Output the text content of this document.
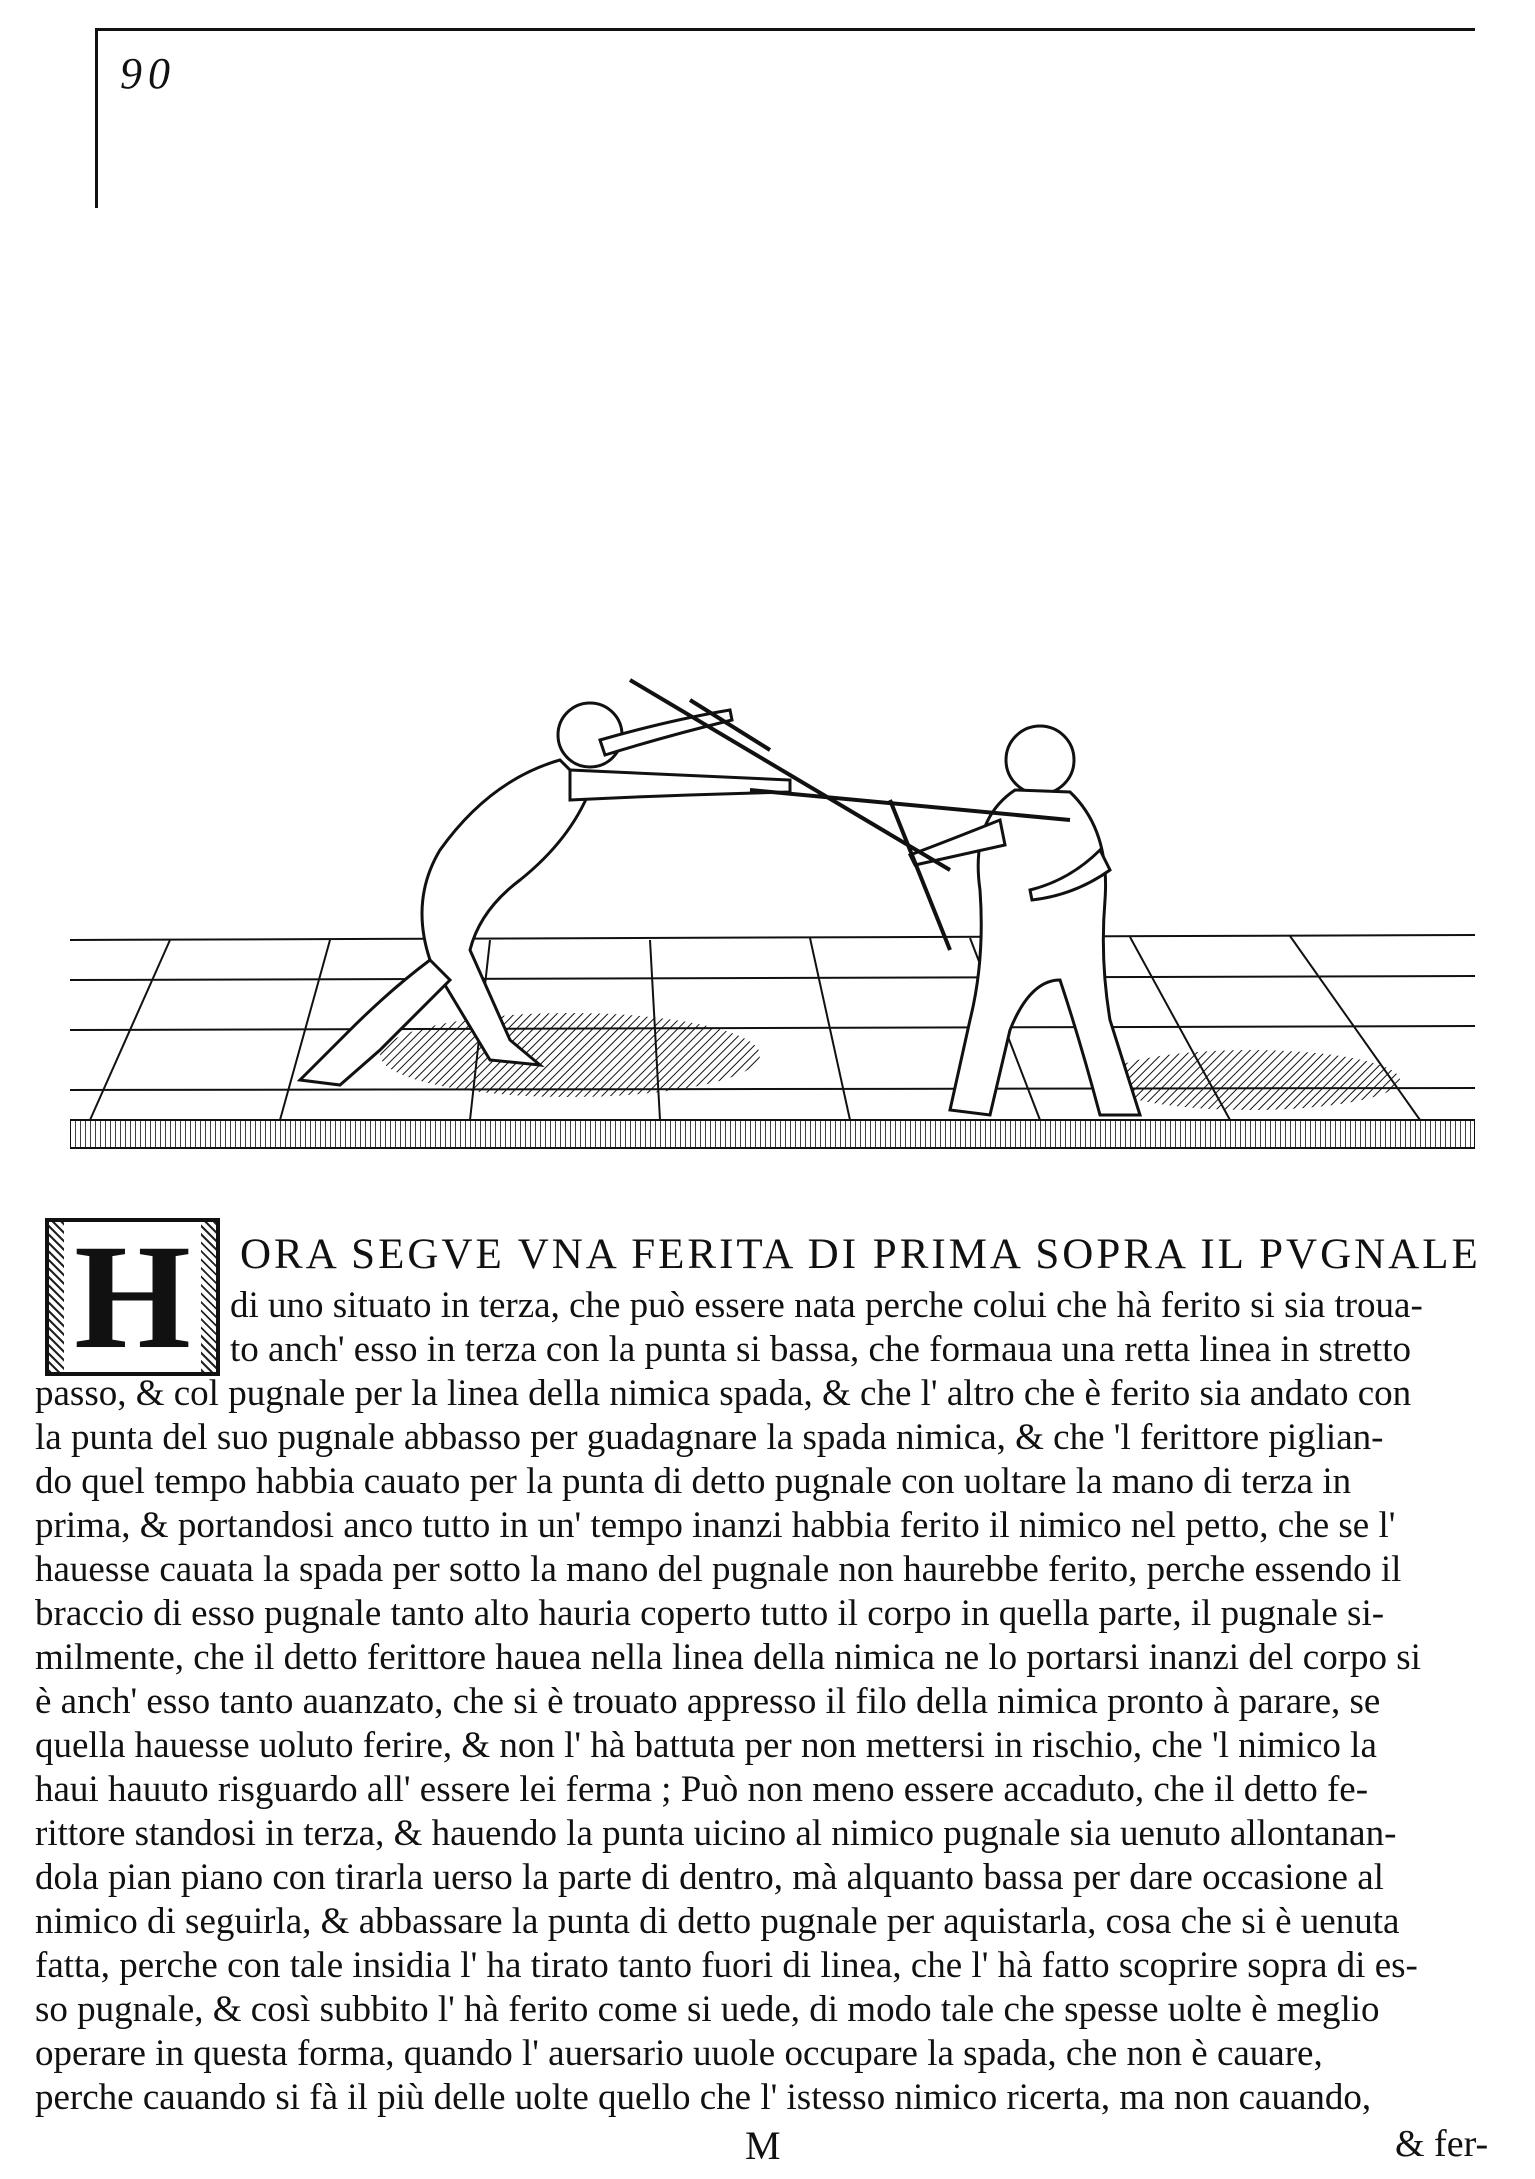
90
H ORA SEGVE VNA FERITA DI PRIMA SOPRA IL PVGNALE
di uno situato in terza, che può essere nata perche colui che hà ferito si sia troua-
to anch' esso in terza con la punta si bassa, che formaua una retta linea in stretto
passo, & col pugnale per la linea della nimica spada, & che l' altro che è ferito sia andato con
la punta del suo pugnale abbasso per guadagnare la spada nimica, & che 'l ferittore piglian-
do quel tempo habbia cauato per la punta di detto pugnale con uoltare la mano di terza in
prima, & portandosi anco tutto in un' tempo inanzi habbia ferito il nimico nel petto, che se l'
hauesse cauata la spada per sotto la mano del pugnale non haurebbe ferito, perche essendo il
braccio di esso pugnale tanto alto hauria coperto tutto il corpo in quella parte, il pugnale si-
milmente, che il detto ferittore hauea nella linea della nimica ne lo portarsi inanzi del corpo si
è anch' esso tanto auanzato, che si è trouato appresso il filo della nimica pronto à parare, se
quella hauesse uoluto ferire, & non l' hà battuta per non mettersi in rischio, che 'l nimico la
haui hauuto risguardo all' essere lei ferma ; Può non meno essere accaduto, che il detto fe-
rittore standosi in terza, & hauendo la punta uicino al nimico pugnale sia uenuto allontanan-
dola pian piano con tirarla uerso la parte di dentro, mà alquanto bassa per dare occasione al
nimico di seguirla, & abbassare la punta di detto pugnale per aquistarla, cosa che si è uenuta
fatta, perche con tale insidia l' ha tirato tanto fuori di linea, che l' hà fatto scoprire sopra di es-
so pugnale, & così subbito l' hà ferito come si uede, di modo tale che spesse uolte è meglio
operare in questa forma, quando l' auersario uuole occupare la spada, che non è cauare,
perche cauando si fà il più delle uolte quello che l' istesso nimico ricerta, ma non cauando,
M	& fer-
